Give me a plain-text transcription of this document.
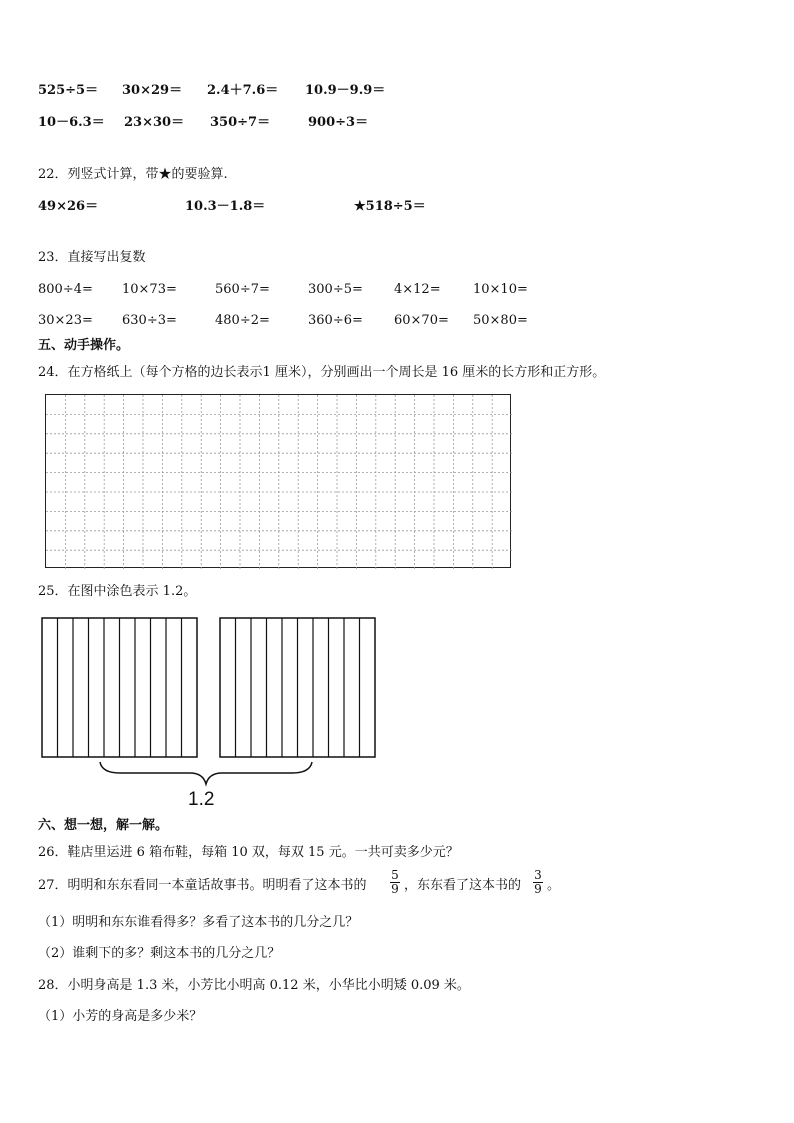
525÷5＝ 30×29＝ 2.4＋7.6＝ 10.9－9.9＝
10－6.3＝ 23×30＝ 350÷7＝	900÷3＝
22．列竖式计算，带★的要验算.
49×26＝	10.3－1.8＝	★518÷5＝
23．直接写出复数
800÷4= 10×73=	560÷7=	300÷5= 4×12= 10×10=
30×23= 630÷3=	480÷2=	360÷6= 60×70= 50×80=
五、动手操作。
24．在方格纸上（每个方格的边长表示1 厘米），分别画出一个周长是 16 厘米的长方形和正方形。
25．在图中涂色表示 1.2。
1.2
六、想一想，解一解。
26．鞋店里运进 6 箱布鞋，每箱 10 双，每双 15 元。一共可卖多少元？
27．明明和东东看同一本童话故事书。明明看了这本书的
5
9 ，东东看了这本书的
3
9 。
（1）明明和东东谁看得多？多看了这本书的几分之几？
（2）谁剩下的多？剩这本书的几分之几？
28．小明身高是 1.3 米，小芳比小明高 0.12 米，小华比小明矮 0.09 米。
（1）小芳的身高是多少米？
